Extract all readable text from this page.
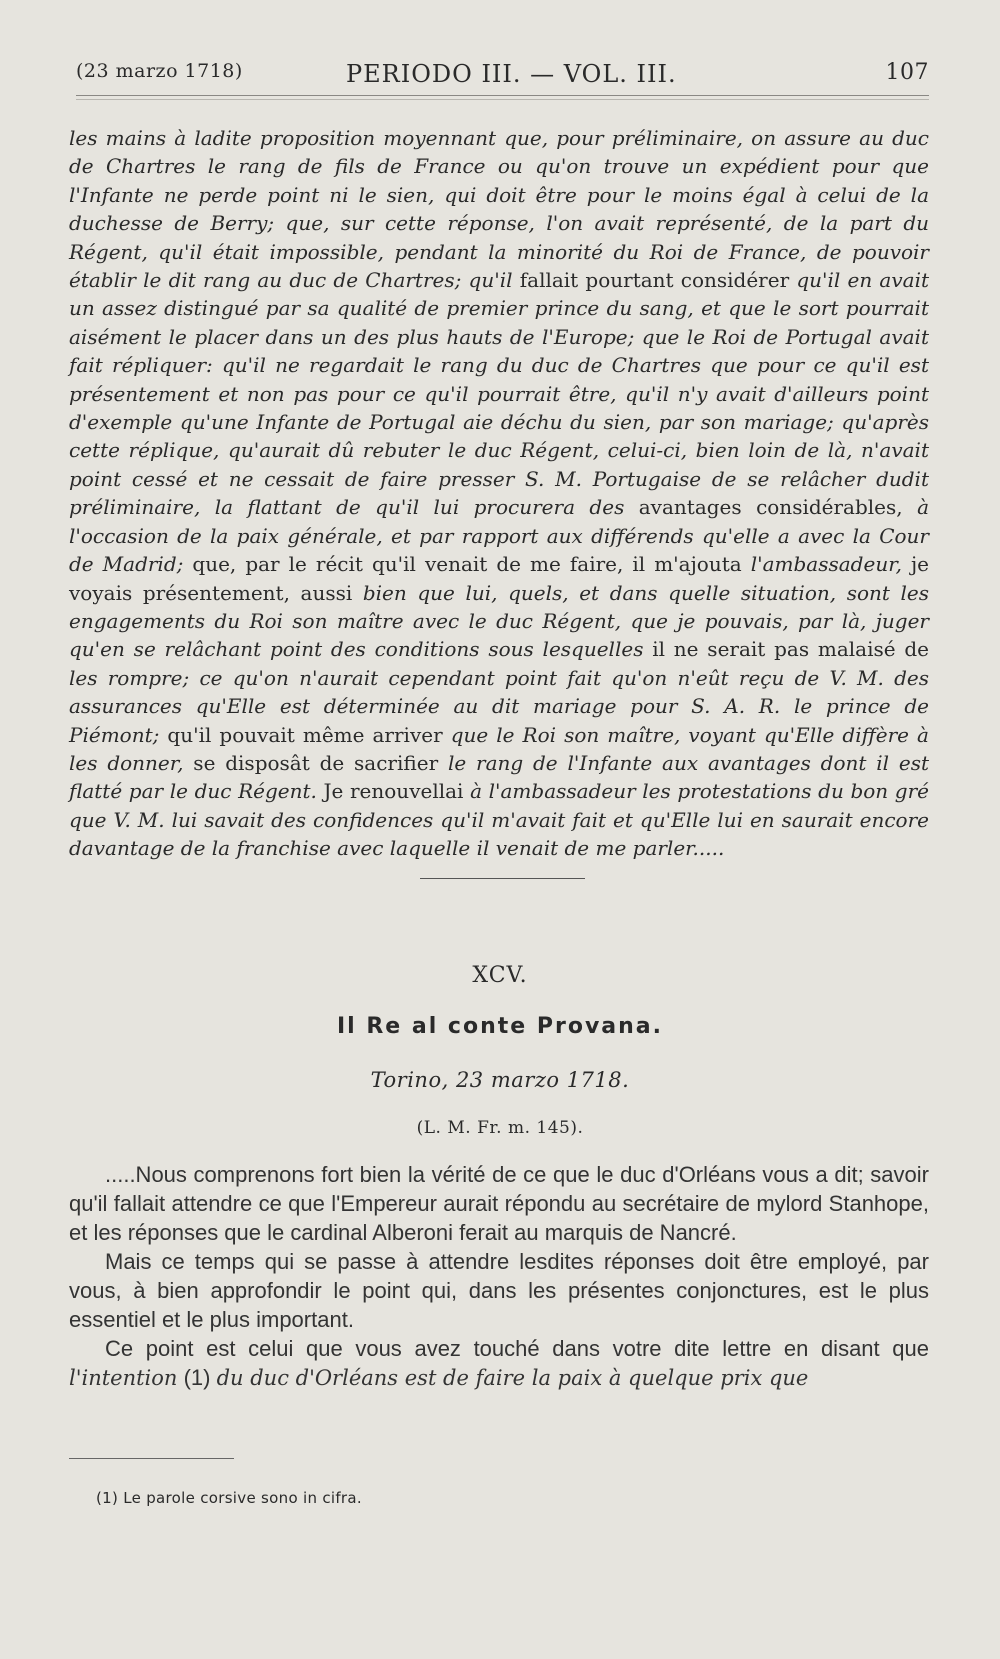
(23 marzo 1718)	PERIODO III. — VOL. III.	107

les mains à ladite proposition moyennant que, pour préliminaire, on assure au duc de Chartres le rang de fils de France ou qu'on trouve un expédient pour que l'Infante ne perde point ni le sien, qui doit être pour le moins égal à celui de la duchesse de Berry; que, sur cette réponse, l'on avait représenté, de la part du Régent, qu'il était impossible, pendant la minorité du Roi de France, de pouvoir établir le dit rang au duc de Chartres; qu'il fallait pourtant considérer qu'il en avait un assez distingué par sa qualité de premier prince du sang, et que le sort pourrait aisément le placer dans un des plus hauts de l'Europe; que le Roi de Portugal avait fait répliquer: qu'il ne regardait le rang du duc de Chartres que pour ce qu'il est présentement et non pas pour ce qu'il pourrait être, qu'il n'y avait d'ailleurs point d'exemple qu'une Infante de Portugal aie déchu du sien, par son mariage; qu'après cette réplique, qu'aurait dû rebuter le duc Régent, celui-ci, bien loin de là, n'avait point cessé et ne cessait de faire presser S. M. Portugaise de se relâcher dudit préliminaire, la flattant de qu'il lui procurera des avantages considérables, à l'occasion de la paix générale, et par rapport aux différends qu'elle a avec la Cour de Madrid; que, par le récit qu'il venait de me faire, il m'ajouta l'ambassadeur, je voyais présentement, aussi bien que lui, quels, et dans quelle situation, sont les engagements du Roi son maître avec le duc Régent, que je pouvais, par là, juger qu'en se relâchant point des conditions sous lesquelles il ne serait pas malaisé de les rompre; ce qu'on n'aurait cependant point fait qu'on n'eût reçu de V. M. des assurances qu'Elle est déterminée au dit mariage pour S. A. R. le prince de Piémont; qu'il pouvait même arriver que le Roi son maître, voyant qu'Elle diffère à les donner, se disposât de sacrifier le rang de l'Infante aux avantages dont il est flatté par le duc Régent. Je renouvellai à l'ambassadeur les protestations du bon gré que V. M. lui savait des confidences qu'il m'avait fait et qu'Elle lui en saurait encore davantage de la franchise avec laquelle il venait de me parler.....

XCV.
Il Re al conte Provana.
Torino, 23 marzo 1718.
(L. M. Fr. m. 145).

.....Nous comprenons fort bien la vérité de ce que le duc d'Orléans vous a dit; savoir qu'il fallait attendre ce que l'Empereur aurait répondu au secrétaire de mylord Stanhope, et les réponses que le cardinal Alberoni ferait au marquis de Nancré.

Mais ce temps qui se passe à attendre lesdites réponses doit être employé, par vous, à bien approfondir le point qui, dans les présentes conjonctures, est le plus essentiel et le plus important.

Ce point est celui que vous avez touché dans votre dite lettre en disant que l'intention (1) du duc d'Orléans est de faire la paix à quelque prix que

(1) Le parole corsive sono in cifra.
